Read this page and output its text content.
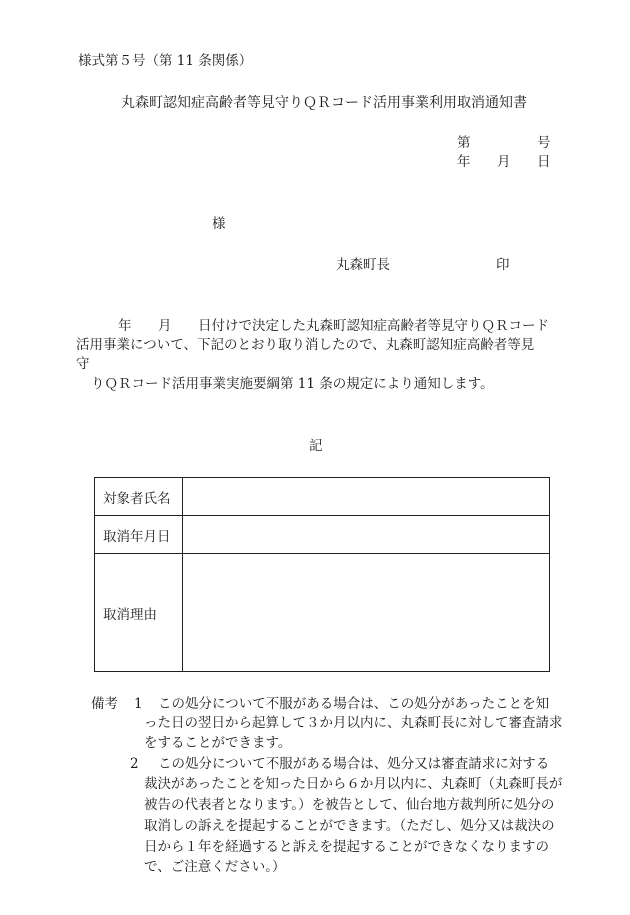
様式第５号（第 11 条関係）
丸森町認知症高齢者等見守りＱＲコード活用事業利用取消通知書
第	号
年 月 日
様
丸森町長	印
年 月 日付けで決定した丸森町認知症高齢者等見守りＱＲコード
活用事業について、下記のとおり取り消したので、丸森町認知症高齢者等見
守
りＱＲコード活用事業実施要綱第 11 条の規定により通知します。
記
対象者氏名	
取消年月日	
取消理由	
備考 1 この処分について不服がある場合は、この処分があったことを知
った日の翌日から起算して３か月以内に、丸森町長に対して審査請求
をすることができます。
2 この処分について不服がある場合は、処分又は審査請求に対する
裁決があったことを知った日から６か月以内に、丸森町（丸森町長が
被告の代表者となります。）を被告として、仙台地方裁判所に処分の
取消しの訴えを提起することができます。（ただし、処分又は裁決の
日から１年を経過すると訴えを提起することができなくなりますの
で、ご注意ください。）
